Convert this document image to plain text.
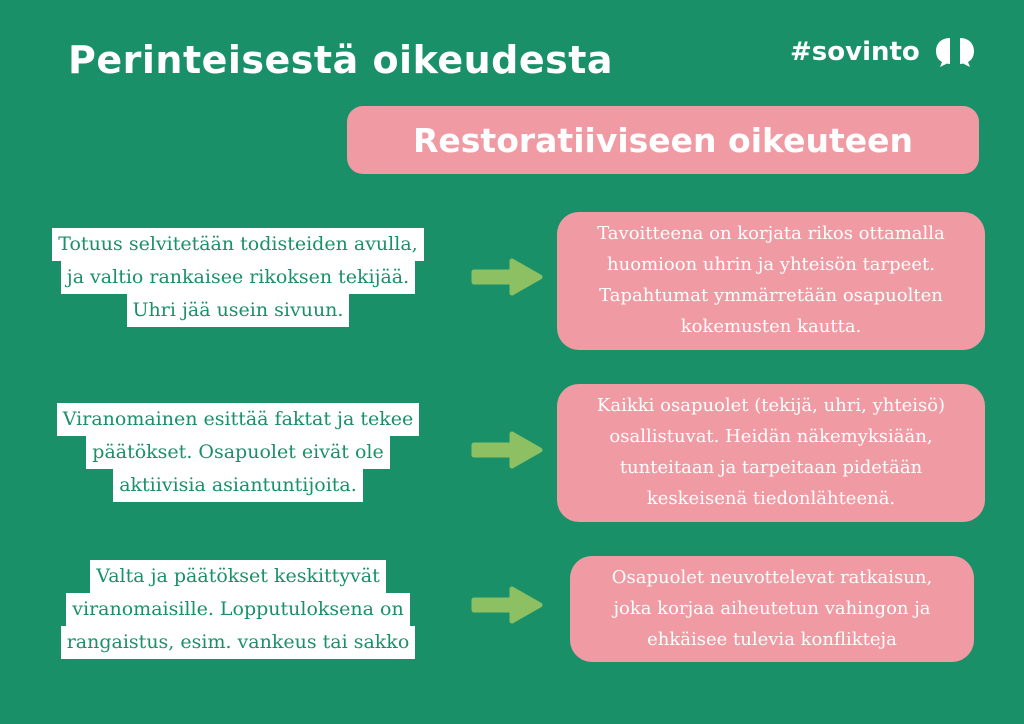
Perinteisestä oikeudesta	#sovinto
Restoratiiviseen oikeuteen
Totuus selvitetään todisteiden avulla,
ja valtio rankaisee rikoksen tekijää.
Uhri jää usein sivuun.
Tavoitteena on korjata rikos ottamalla
huomioon uhrin ja yhteisön tarpeet.
Tapahtumat ymmärretään osapuolten
kokemusten kautta.
Viranomainen esittää faktat ja tekee
päätökset. Osapuolet eivät ole
aktiivisia asiantuntijoita.
Kaikki osapuolet (tekijä, uhri, yhteisö)
osallistuvat. Heidän näkemyksiään,
tunteitaan ja tarpeitaan pidetään
keskeisenä tiedonlähteenä.
Valta ja päätökset keskittyvät
viranomaisille. Lopputuloksena on
rangaistus, esim. vankeus tai sakko
Osapuolet neuvottelevat ratkaisun,
joka korjaa aiheutetun vahingon ja
ehkäisee tulevia konflikteja
